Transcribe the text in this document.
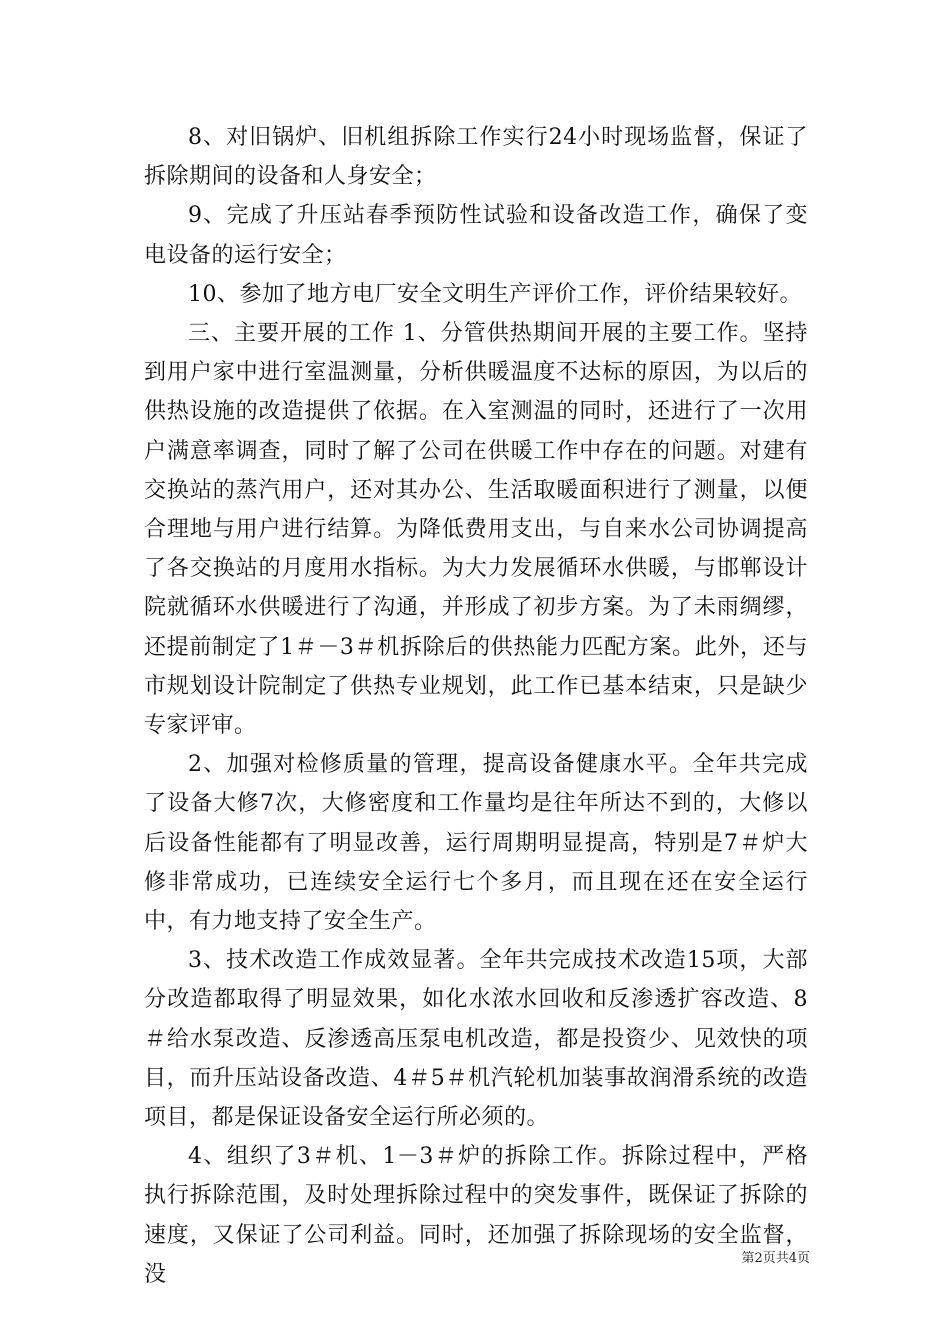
8、对旧锅炉、旧机组拆除工作实行24小时现场监督，保证了拆除期间的设备和人身安全；

9、完成了升压站春季预防性试验和设备改造工作，确保了变电设备的运行安全；

10、参加了地方电厂安全文明生产评价工作，评价结果较好。

三、主要开展的工作 1、分管供热期间开展的主要工作。坚持到用户家中进行室温测量，分析供暖温度不达标的原因，为以后的供热设施的改造提供了依据。在入室测温的同时，还进行了一次用户满意率调查，同时了解了公司在供暖工作中存在的问题。对建有交换站的蒸汽用户，还对其办公、生活取暖面积进行了测量，以便合理地与用户进行结算。为降低费用支出，与自来水公司协调提高了各交换站的月度用水指标。为大力发展循环水供暖，与邯郸设计院就循环水供暖进行了沟通，并形成了初步方案。为了未雨绸缪，还提前制定了1＃－3＃机拆除后的供热能力匹配方案。此外，还与市规划设计院制定了供热专业规划，此工作已基本结束，只是缺少专家评审。

2、加强对检修质量的管理，提高设备健康水平。全年共完成了设备大修7次，大修密度和工作量均是往年所达不到的，大修以后设备性能都有了明显改善，运行周期明显提高，特别是7＃炉大修非常成功，已连续安全运行七个多月，而且现在还在安全运行中，有力地支持了安全生产。

3、技术改造工作成效显著。全年共完成技术改造15项，大部分改造都取得了明显效果，如化水浓水回收和反渗透扩容改造、8＃给水泵改造、反渗透高压泵电机改造，都是投资少、见效快的项目，而升压站设备改造、4＃5＃机汽轮机加装事故润滑系统的改造项目，都是保证设备安全运行所必须的。

4、组织了3＃机、1－3＃炉的拆除工作。拆除过程中，严格执行拆除范围，及时处理拆除过程中的突发事件，既保证了拆除的速度，又保证了公司利益。同时，还加强了拆除现场的安全监督，没

第2页共4页
